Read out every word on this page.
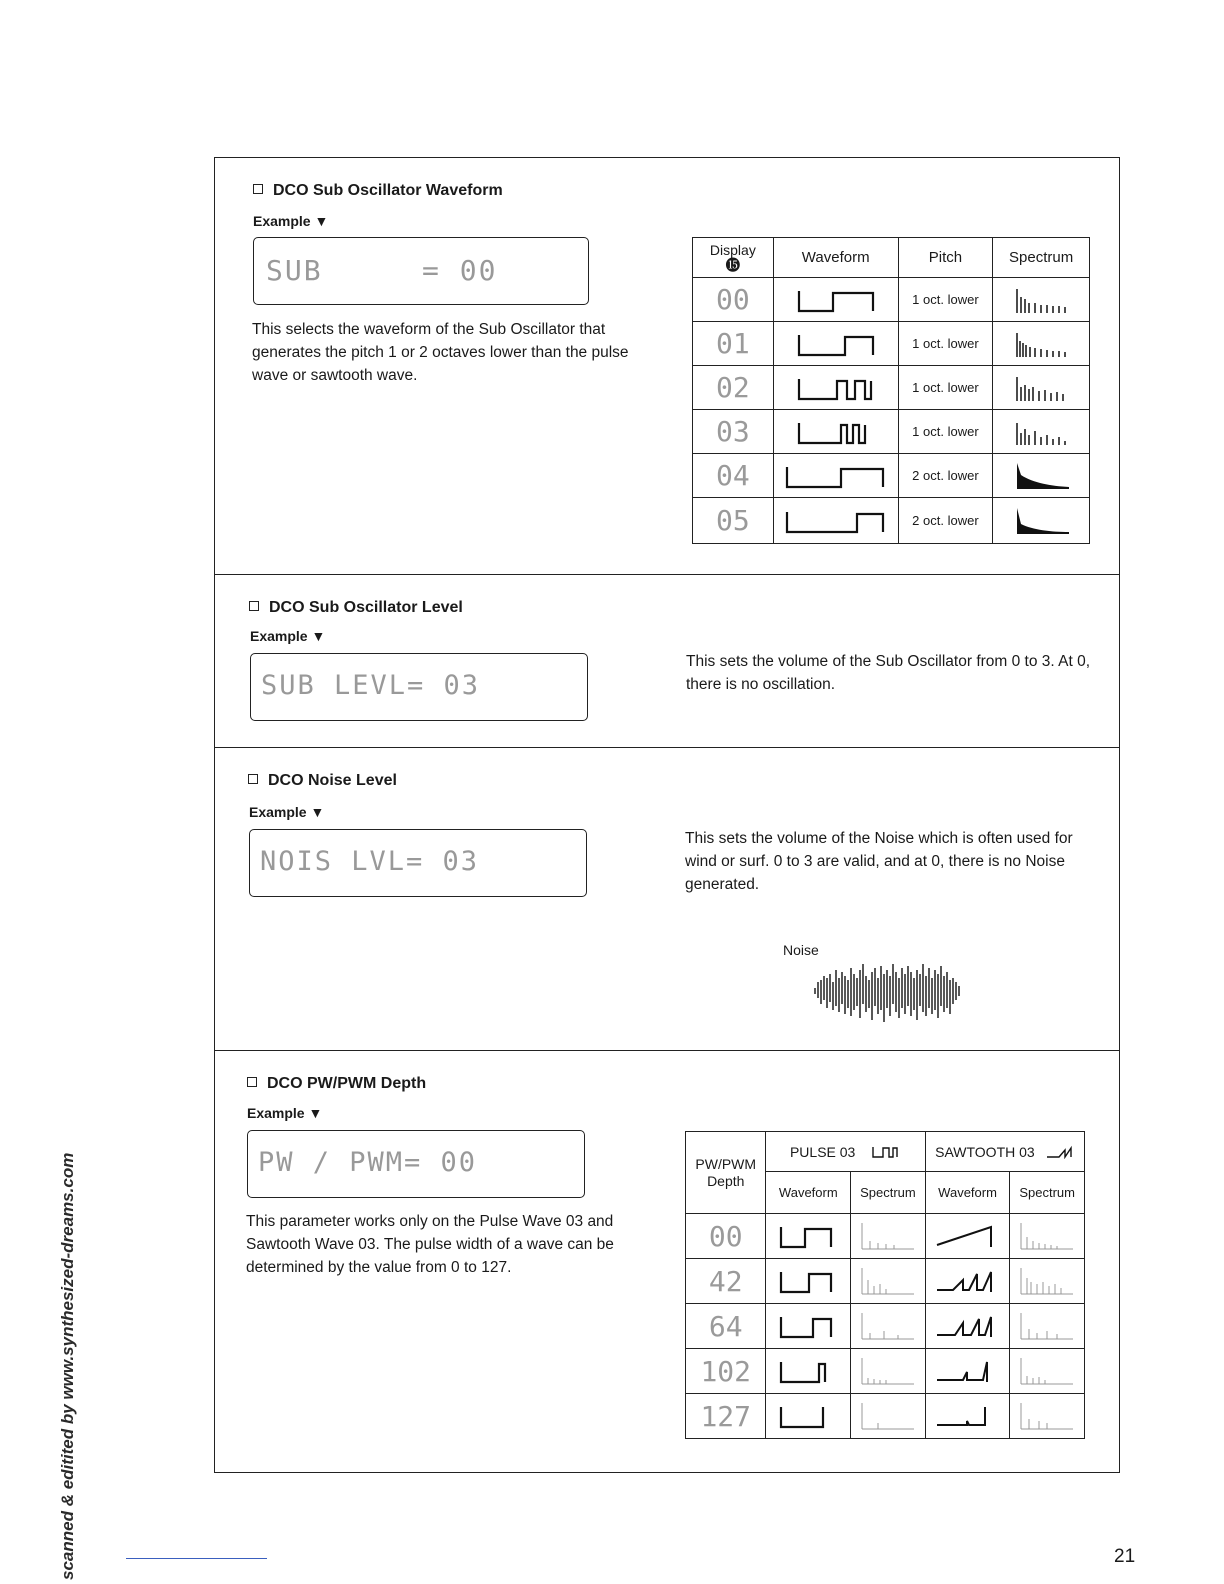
DCO Sub Oscillator Waveform
Example ▼
SUB	= 00
This selects the waveform of the Sub Oscillator that generates the pitch 1 or 2 octaves lower than the pulse wave or sawtooth wave.
Display
⓯	Waveform	Pitch	Spectrum
00		1 oct. lower	

01		1 oct. lower	

02		1 oct. lower	

03		1 oct. lower	

04		2 oct. lower	

05		2 oct. lower	
DCO Sub Oscillator Level
Example ▼
SUB LEVL= 03
This sets the volume of the Sub Oscillator from 0 to 3. At 0, there is no oscillation.
DCO Noise Level
Example ▼
NOIS LVL= 03
This sets the volume of the Noise which is often used for wind or surf. 0 to 3 are valid, and at 0, there is no Noise generated.
Noise
DCO PW/PWM Depth
Example ▼
PW / PWM= 00
This parameter works only on the Pulse Wave 03 and Sawtooth Wave 03. The pulse width of a wave can be determined by the value from 0 to 127.
PW/PWM Depth	PULSE 03		SAWTOOTH 03	
	Waveform	Spectrum	Waveform	Spectrum
00	

42	

64	

102	

127	

scanned & editited by www.synthesized-dreams.com	21
